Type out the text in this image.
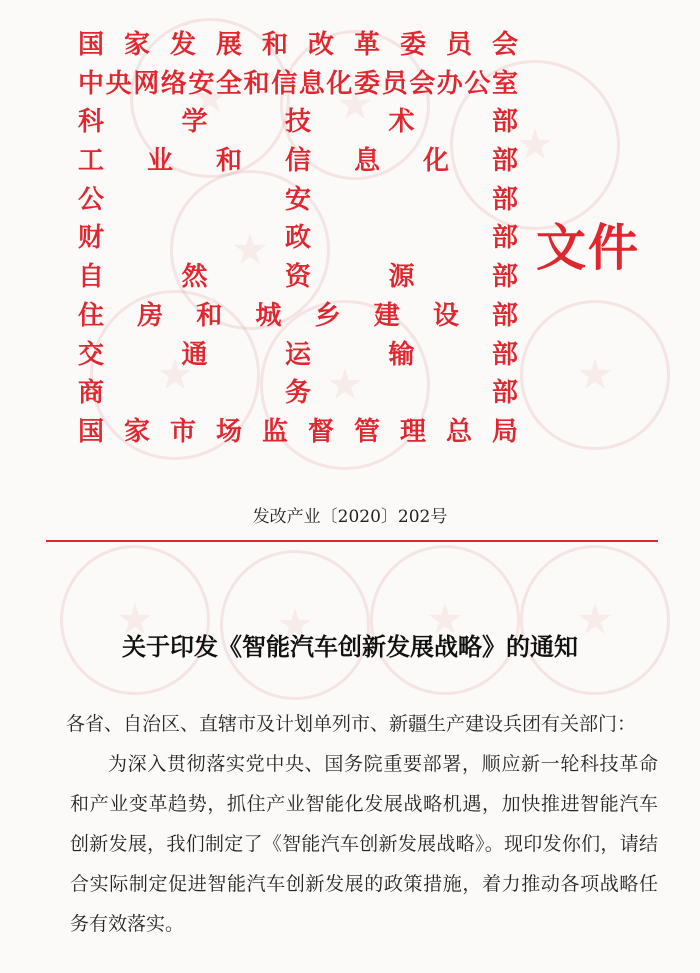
国家发展和改革委员会
中央网络安全和信息化委员会办公室
科学技术部
工业和信息化部
公安部
财政部
自然资源部
住房和城乡建设部
交通运输部
商务部
国家市场监督管理总局
文件
发改产业〔2020〕202号
关于印发《智能汽车创新发展战略》的通知

各省、自治区、直辖市及计划单列市、新疆生产建设兵团有关部门：

为深入贯彻落实党中央、国务院重要部署，顺应新一轮科技革命和产业变革趋势，抓住产业智能化发展战略机遇，加快推进智能汽车创新发展，我们制定了《智能汽车创新发展战略》。现印发你们，请结合实际制定促进智能汽车创新发展的政策措施，着力推动各项战略任务有效落实。
